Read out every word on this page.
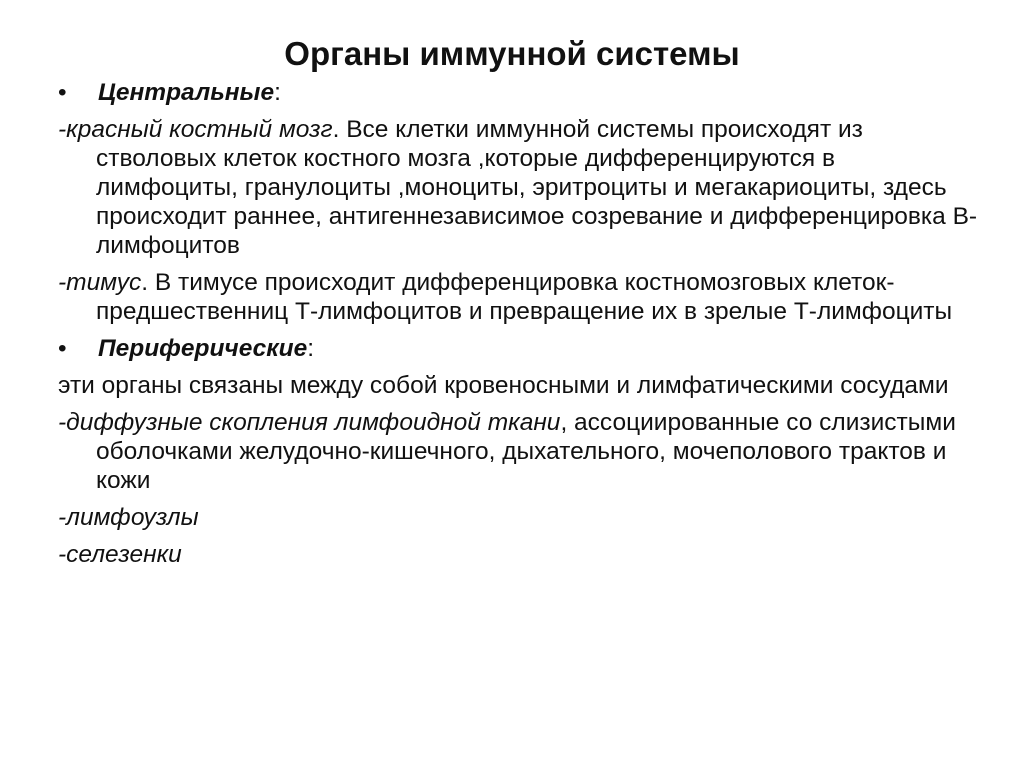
Органы иммунной системы
• Центральные:
-красный костный мозг. Все клетки иммунной системы происходят из стволовых клеток костного мозга ,которые дифференцируются в лимфоциты, гранулоциты ,моноциты, эритроциты и мегакариоциты, здесь происходит раннее, антигеннезависимое созревание и дифференцировка В-лимфоцитов
-тимус. В тимусе происходит дифференцировка костномозговых клеток-предшественниц Т-лимфоцитов и превращение их в зрелые Т-лимфоциты
• Периферические:
эти органы связаны между собой кровеносными и лимфатическими сосудами
-диффузные скопления лимфоидной ткани, ассоциированные со слизистыми оболочками желудочно-кишечного, дыхательного, мочеполового трактов и кожи
-лимфоузлы
-селезенки
